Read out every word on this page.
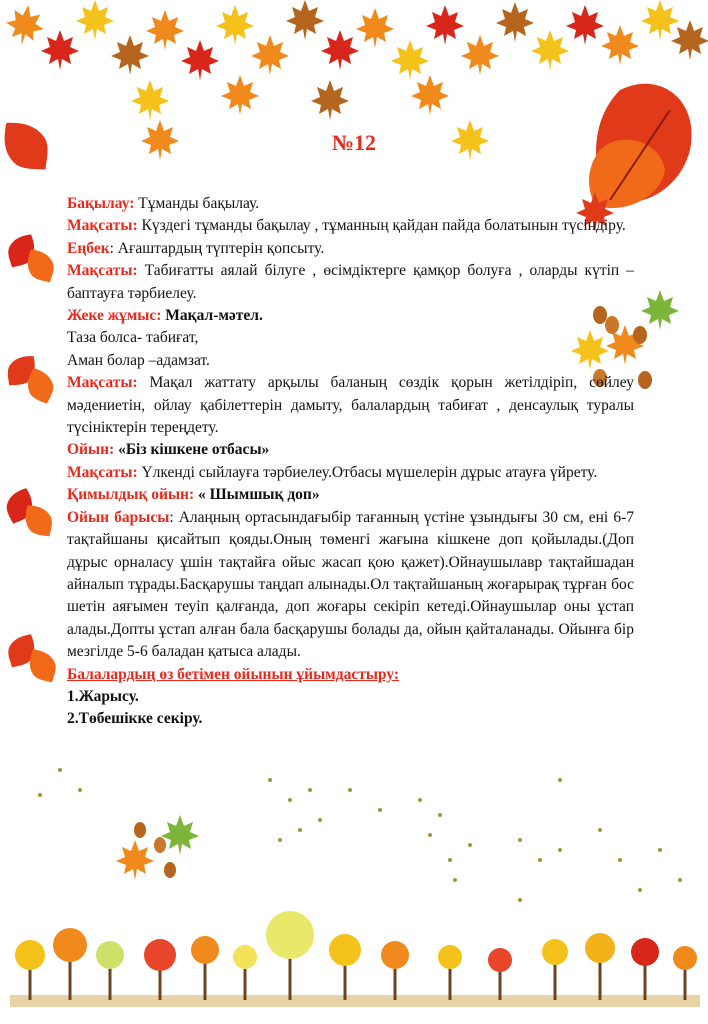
№12

Бақылау: Тұманды бақылау.

Мақсаты: Күздегі тұманды бақылау , тұманның қайдан пайда болатынын түсіндіру.

Еңбек: Ағаштардың түптерін қопсыту.

Мақсаты: Табиғатты аялай білуге , өсімдіктерге қамқор болуға , оларды күтіп –баптауға тәрбиелеу.

Жеке жұмыс: Мақал-мәтел.

Таза болса- табиғат,

Аман болар –адамзат.

Мақсаты: Мақал жаттату арқылы баланың сөздік қорын жетілдіріп, сөйлеу мәдениетін, ойлау қабілеттерін дамыту, балалардың табиғат , денсаулық туралы түсініктерін тереңдету.

Ойын: «Біз кішкене отбасы»

Мақсаты: Үлкенді сыйлауға тәрбиелеу.Отбасы мүшелерін дұрыс атауға үйрету.

Қимылдық ойын: « Шымшық доп»

Ойын барысы: Алаңның ортасындағыбір тағанның үстіне ұзындығы 30 см, ені 6-7 тақтайшаны қисайтып қояды.Оның төменгі жағына кішкене доп қойылады.(Доп дұрыс орналасу ұшін тақтайға ойыс жасап қою қажет).Ойнаушылавр тақтайшадан айналып тұрады.Басқарушы таңдап алынады.Ол тақтайшаның жоғарырақ тұрған бос шетін аяғымен теуіп қалғанда, доп жоғары секіріп кетеді.Ойнаушылар оны ұстап алады.Допты ұстап алған бала басқарушы болады да, ойын қайталанады. Ойынға бір мезгілде 5-6 баладан қатыса алады.

Балалардың өз бетімен ойынын ұйымдастыру:

1.Жарысу.

2.Төбешікке секіру.
